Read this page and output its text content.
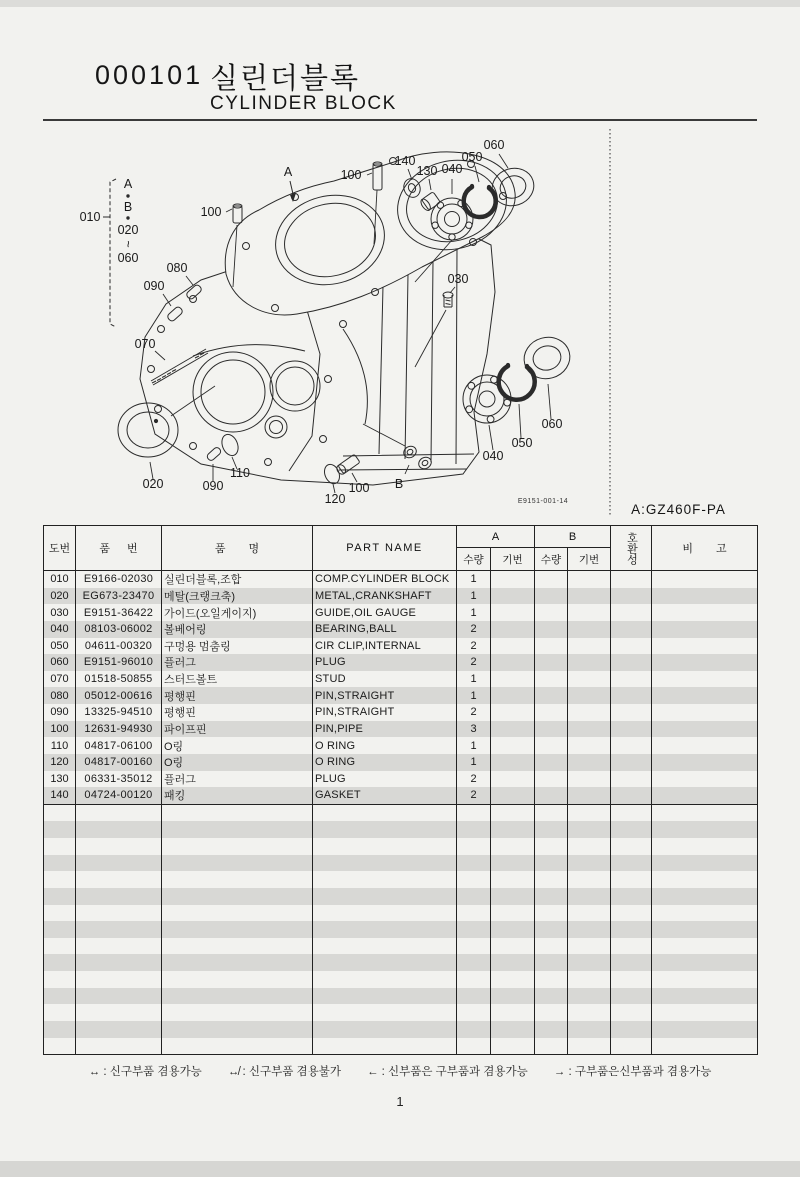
000101 실린더블록
CYLINDER BLOCK
010
A
B
020
~
060
100
A	100
140
130 040
050
060
080
090	030
070
020	090
110
120
100 B
040
050
060
E9151-001-14
A:GZ460F-PA
도번	품 번	품 명	PART NAME	A		B		호환성	비 고
				수량	기번	수량	기번		
010	E9166-02030	실린더블록,조합	COMP.CYLINDER BLOCK	1					
020	EG673-23470	메탈(크랭크축)	METAL,CRANKSHAFT	1					
030	E9151-36422	가이드(오일게이지)	GUIDE,OIL GAUGE	1					
040	08103-06002	볼베어링	BEARING,BALL	2					
050	04611-00320	구멍용 멈춤링	CIR CLIP,INTERNAL	2					
060	E9151-96010	플러그	PLUG	2					
070	01518-50855	스터드볼트	STUD	1					
080	05012-00616	평행핀	PIN,STRAIGHT	1					
090	13325-94510	평행핀	PIN,STRAIGHT	2					
100	12631-94930	파이프핀	PIN,PIPE	3					
110	04817-06100	O링	O RING	1					
120	04817-00160	O링	O RING	1					
130	06331-35012	플러그	PLUG	2					
140	04724-00120	패킹	GASKET	2					

↔ : 신구부품 겸용가능 ↮ : 신구부품 겸용불가 ← : 신부품은 구부품과 겸용가능 → : 구부품은신부품과 겸용가능
1
